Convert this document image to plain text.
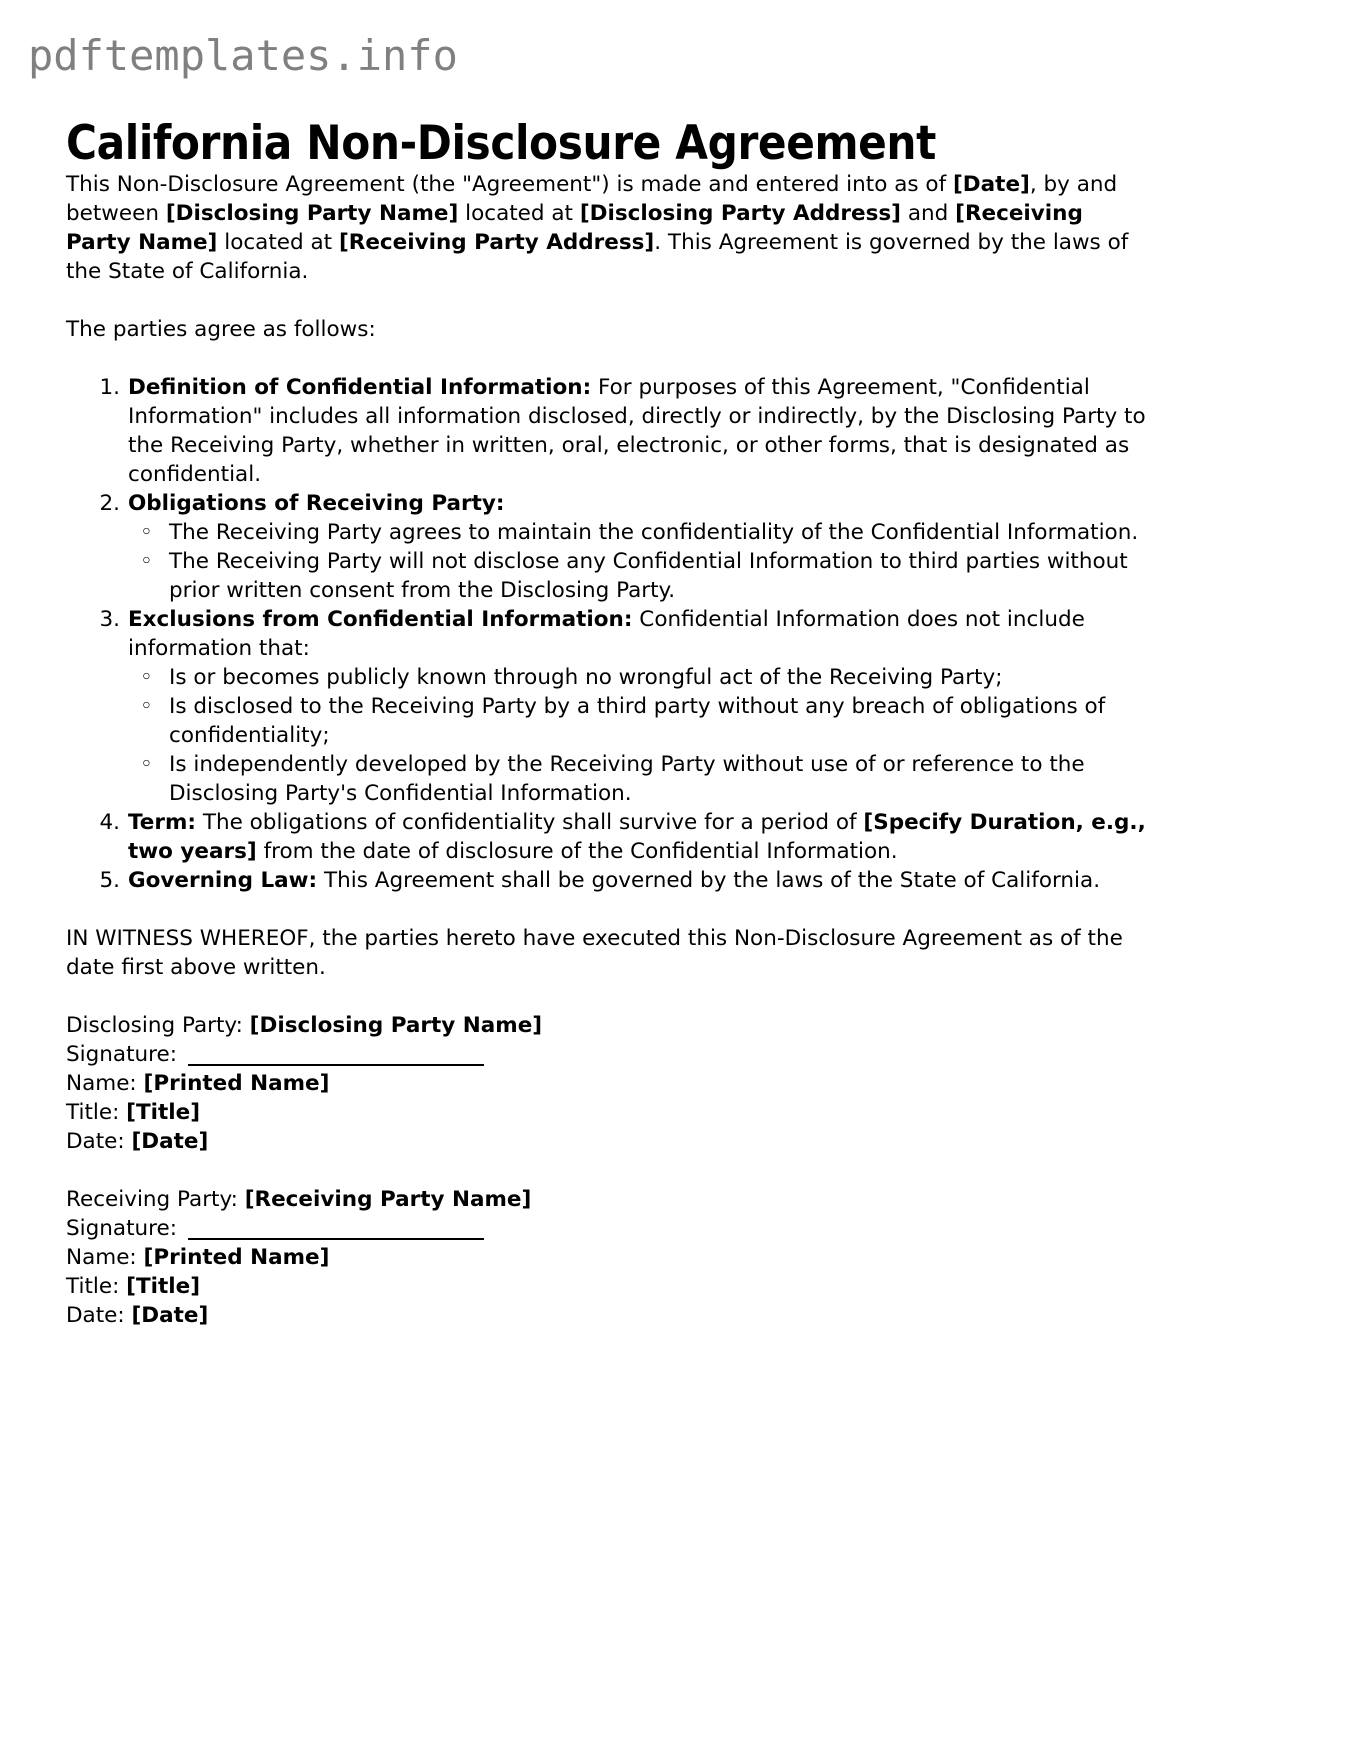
pdftemplates.info
California Non-Disclosure Agreement

This Non-Disclosure Agreement (the "Agreement") is made and entered into as of [Date], by and between [Disclosing Party Name] located at [Disclosing Party Address] and [Receiving Party Name] located at [Receiving Party Address]. This Agreement is governed by the laws of the State of California.

The parties agree as follows:

Definition of Confidential Information: For purposes of this Agreement, "Confidential Information" includes all information disclosed, directly or indirectly, by the Disclosing Party to the Receiving Party, whether in written, oral, electronic, or other forms, that is designated as confidential.
Obligations of Receiving Party:
◦ The Receiving Party agrees to maintain the confidentiality of the Confidential Information.
◦ The Receiving Party will not disclose any Confidential Information to third parties without prior written consent from the Disclosing Party.
Exclusions from Confidential Information: Confidential Information does not include information that:
◦ Is or becomes publicly known through no wrongful act of the Receiving Party;
◦ Is disclosed to the Receiving Party by a third party without any breach of obligations of confidentiality;
◦ Is independently developed by the Receiving Party without use of or reference to the Disclosing Party's Confidential Information.
Term: The obligations of confidentiality shall survive for a period of [Specify Duration, e.g., two years] from the date of disclosure of the Confidential Information.
Governing Law: This Agreement shall be governed by the laws of the State of California.

IN WITNESS WHEREOF, the parties hereto have executed this Non-Disclosure Agreement as of the date first above written.

Disclosing Party: [Disclosing Party Name]
Signature:
Name: [Printed Name]
Title: [Title]
Date: [Date]
Receiving Party: [Receiving Party Name]
Signature:
Name: [Printed Name]
Title: [Title]
Date: [Date]
